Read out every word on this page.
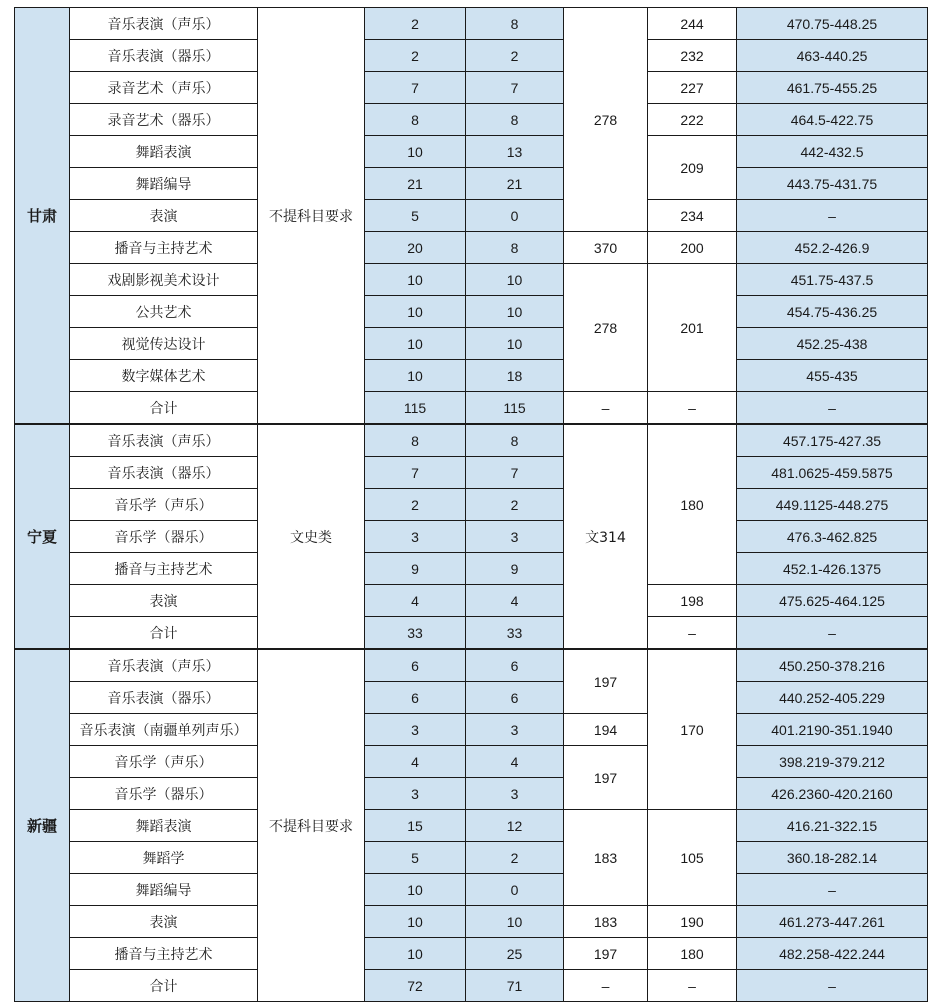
甘肃	音乐表演（声乐）	不提科目要求	2	8	278	244	470.75-448.25
	音乐表演（器乐）		2	2		232	463-440.25
	录音艺术（声乐）		7	7		227	461.75-455.25
	录音艺术（器乐）		8	8		222	464.5-422.75
	舞蹈表演		10	13		209	442-432.5
	舞蹈编导		21	21			443.75-431.75
	表演		5	0		234	–
	播音与主持艺术		20	8	370	200	452.2-426.9
	戏剧影视美术设计		10	10	278	201	451.75-437.5
	公共艺术		10	10			454.75-436.25
	视觉传达设计		10	10			452.25-438
	数字媒体艺术		10	18			455-435
	合计		115	115	–	–	–
宁夏	音乐表演（声乐）	文史类	8	8	文314	180	457.175-427.35
	音乐表演（器乐）		7	7			481.0625-459.5875
	音乐学（声乐）		2	2			449.1125-448.275
	音乐学（器乐）		3	3			476.3-462.825
	播音与主持艺术		9	9			452.1-426.1375
	表演		4	4		198	475.625-464.125
	合计		33	33		–	–
新疆	音乐表演（声乐）	不提科目要求	6	6	197	170	450.250-378.216
	音乐表演（器乐）		6	6			440.252-405.229
	音乐表演（南疆单列声乐）		3	3	194		401.2190-351.1940
	音乐学（声乐）		4	4	197		398.219-379.212
	音乐学（器乐）		3	3			426.2360-420.2160
	舞蹈表演		15	12	183	105	416.21-322.15
	舞蹈学		5	2			360.18-282.14
	舞蹈编导		10	0			–
	表演		10	10	183	190	461.273-447.261
	播音与主持艺术		10	25	197	180	482.258-422.244
	合计		72	71	–	–	–
